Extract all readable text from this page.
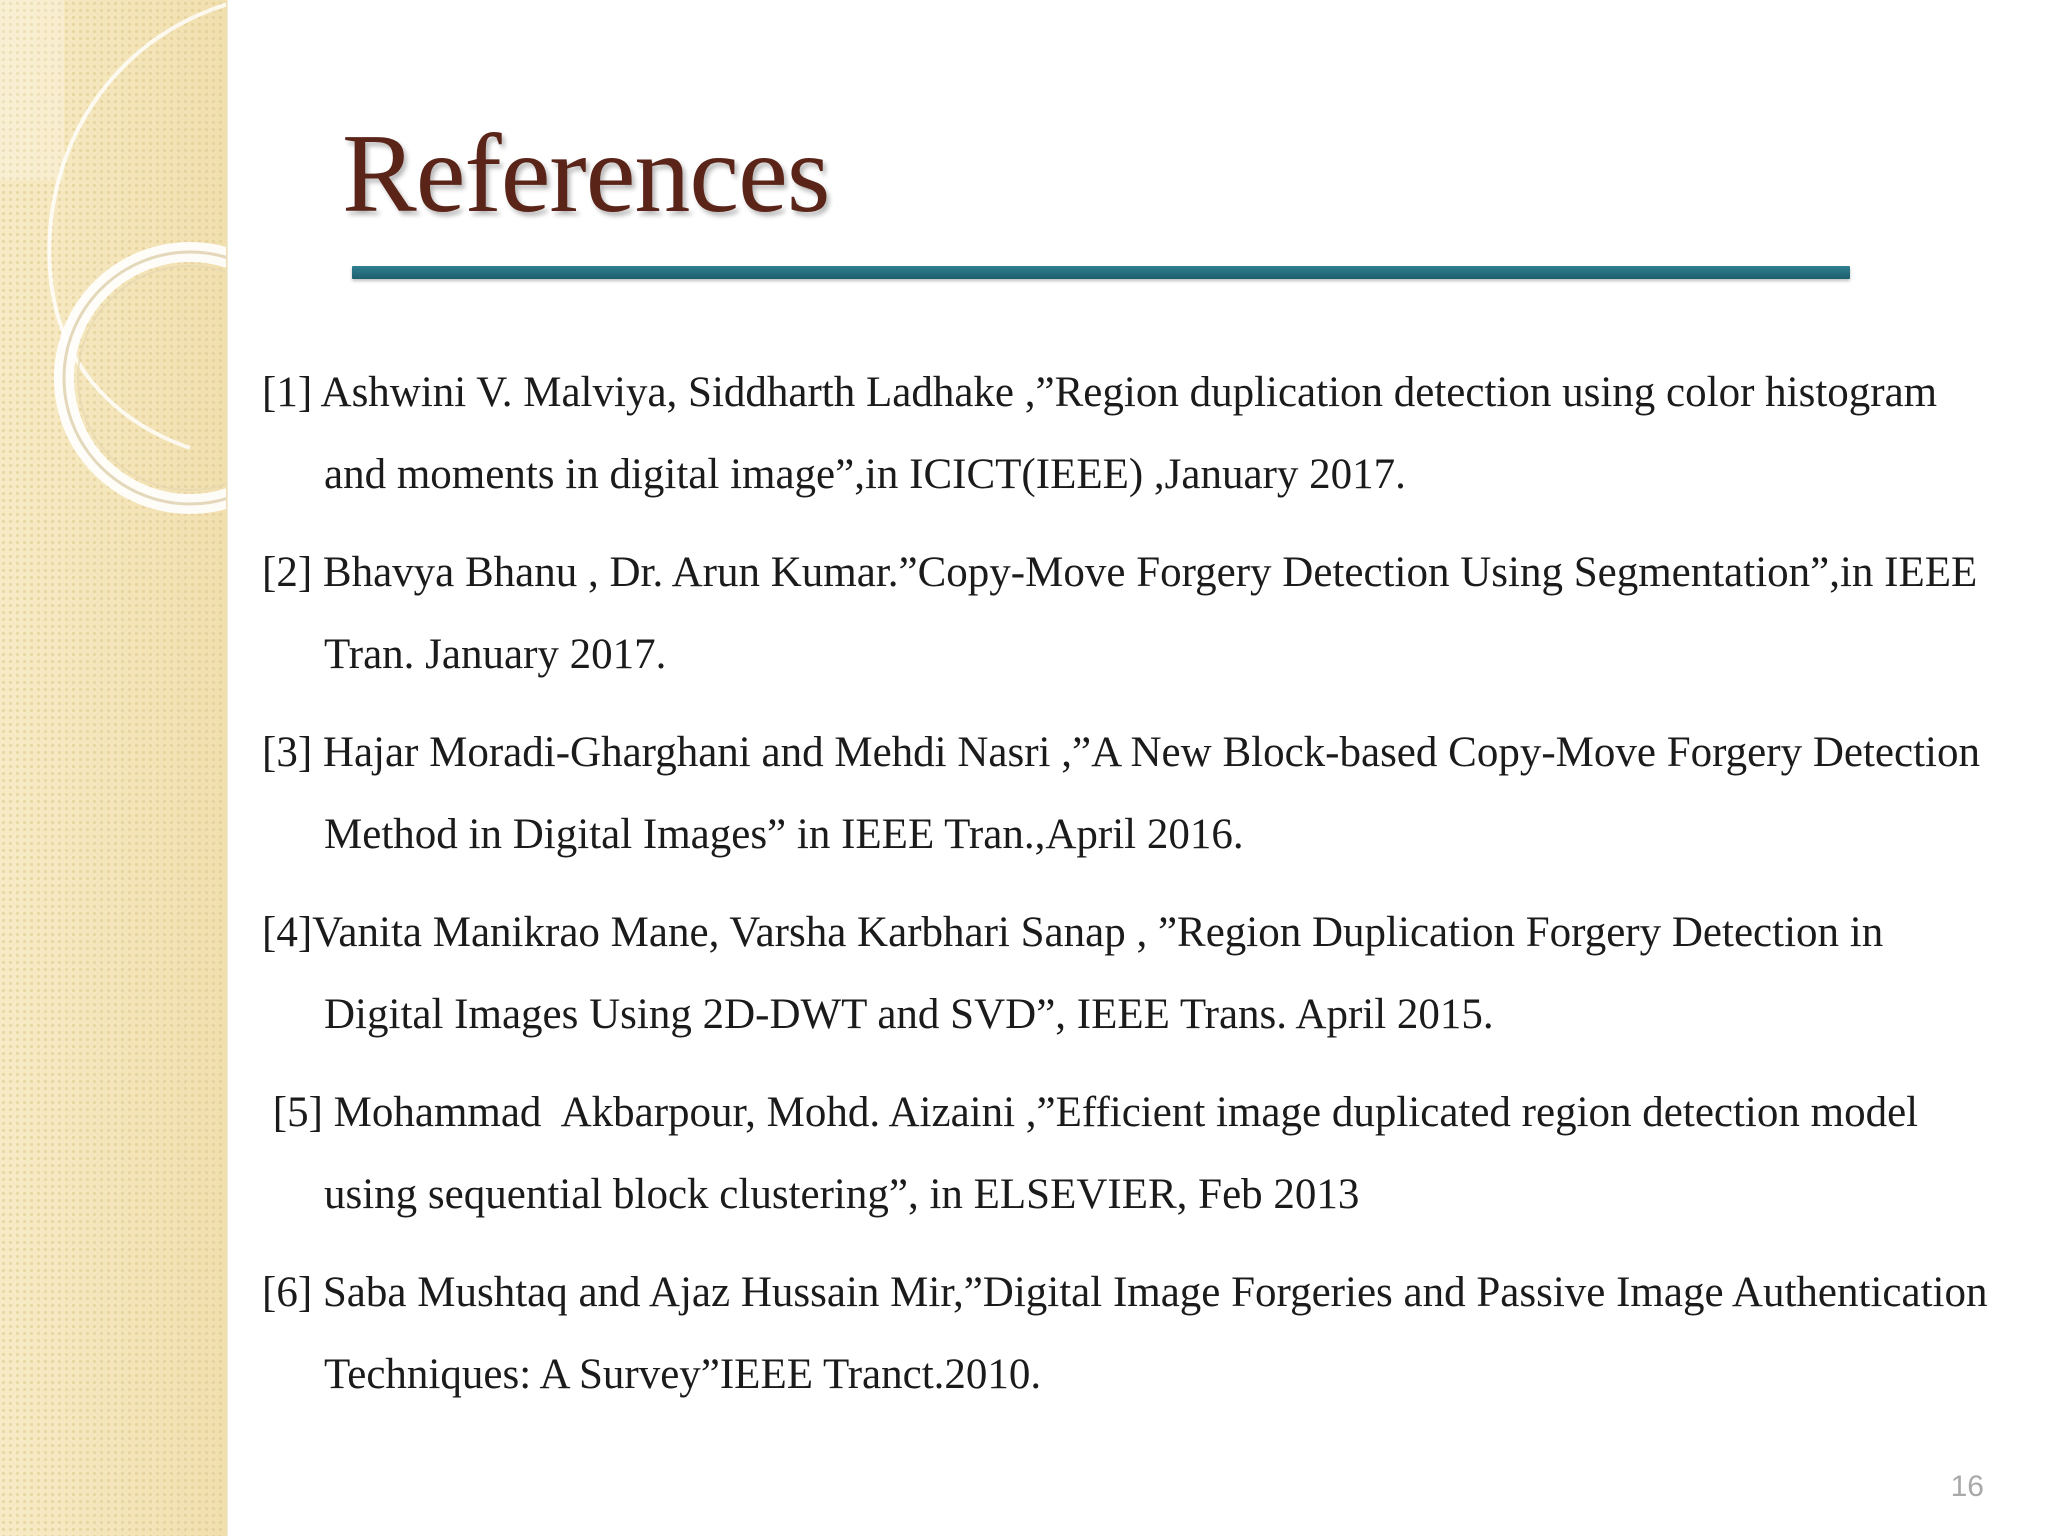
References
[1] Ashwini V. Malviya, Siddharth Ladhake ,”Region duplication detection using color histogram and moments in digital image”,in ICICT(IEEE) ,January 2017.
[2] Bhavya Bhanu , Dr. Arun Kumar.”Copy-Move Forgery Detection Using Segmentation”,in IEEE  Tran. January 2017.
[3] Hajar Moradi-Gharghani and Mehdi Nasri ,”A New Block-based Copy-Move Forgery Detection Method in Digital Images” in IEEE Tran.,April 2016.
[4]Vanita Manikrao Mane, Varsha Karbhari Sanap , ”Region Duplication Forgery Detection in Digital Images Using 2D-DWT and SVD”, IEEE Trans. April 2015.
[5] Mohammad  Akbarpour, Mohd. Aizaini ,”Efficient image duplicated region detection model using sequential block clustering”, in ELSEVIER, Feb 2013
[6] Saba Mushtaq and Ajaz Hussain Mir,”Digital Image Forgeries and Passive Image Authentication Techniques: A Survey”IEEE Tranct.2010.
16
